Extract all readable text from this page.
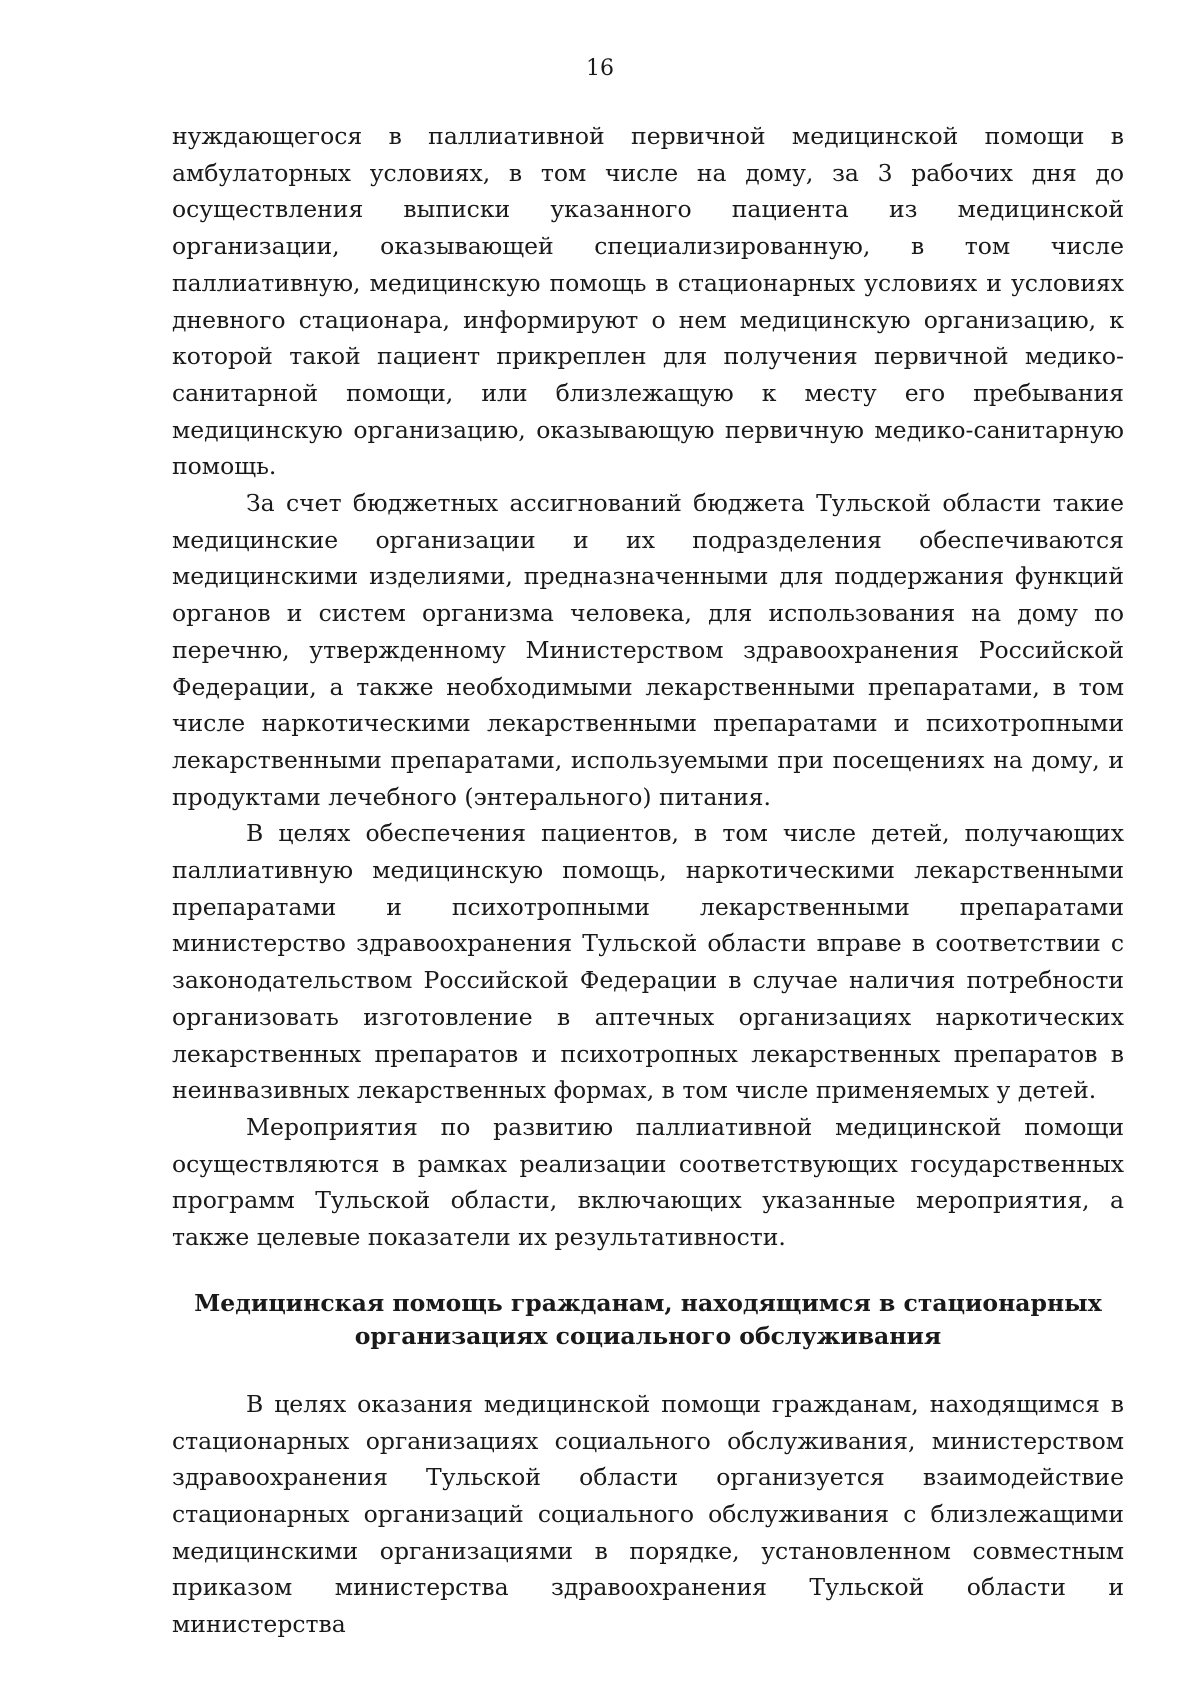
16

нуждающегося в паллиативной первичной медицинской помощи в амбулаторных условиях, в том числе на дому, за 3 рабочих дня до осуществления выписки указанного пациента из медицинской организации, оказывающей специализированную, в том числе паллиативную, медицинскую помощь в стационарных условиях и условиях дневного стационара, информируют о нем медицинскую организацию, к которой такой пациент прикреплен для получения первичной медико-санитарной помощи, или близлежащую к месту его пребывания медицинскую организацию, оказывающую первичную медико-санитарную помощь.

За счет бюджетных ассигнований бюджета Тульской области такие медицинские организации и их подразделения обеспечиваются медицинскими изделиями, предназначенными для поддержания функций органов и систем организма человека, для использования на дому по перечню, утвержденному Министерством здравоохранения Российской Федерации, а также необходимыми лекарственными препаратами, в том числе наркотическими лекарственными препаратами и психотропными лекарственными препаратами, используемыми при посещениях на дому, и продуктами лечебного (энтерального) питания.

В целях обеспечения пациентов, в том числе детей, получающих паллиативную медицинскую помощь, наркотическими лекарственными препаратами и психотропными лекарственными препаратами министерство здравоохранения Тульской области вправе в соответствии с законодательством Российской Федерации в случае наличия потребности организовать изготовление в аптечных организациях наркотических лекарственных препаратов и психотропных лекарственных препаратов в неинвазивных лекарственных формах, в том числе применяемых у детей.

Мероприятия по развитию паллиативной медицинской помощи осуществляются в рамках реализации соответствующих государственных программ Тульской области, включающих указанные мероприятия, а также целевые показатели их результативности.

Медицинская помощь гражданам, находящимся в стационарных организациях социального обслуживания

В целях оказания медицинской помощи гражданам, находящимся в стационарных организациях социального обслуживания, министерством здравоохранения Тульской области организуется взаимодействие стационарных организаций социального обслуживания с близлежащими медицинскими организациями в порядке, установленном совместным приказом министерства здравоохранения Тульской области и министерства
